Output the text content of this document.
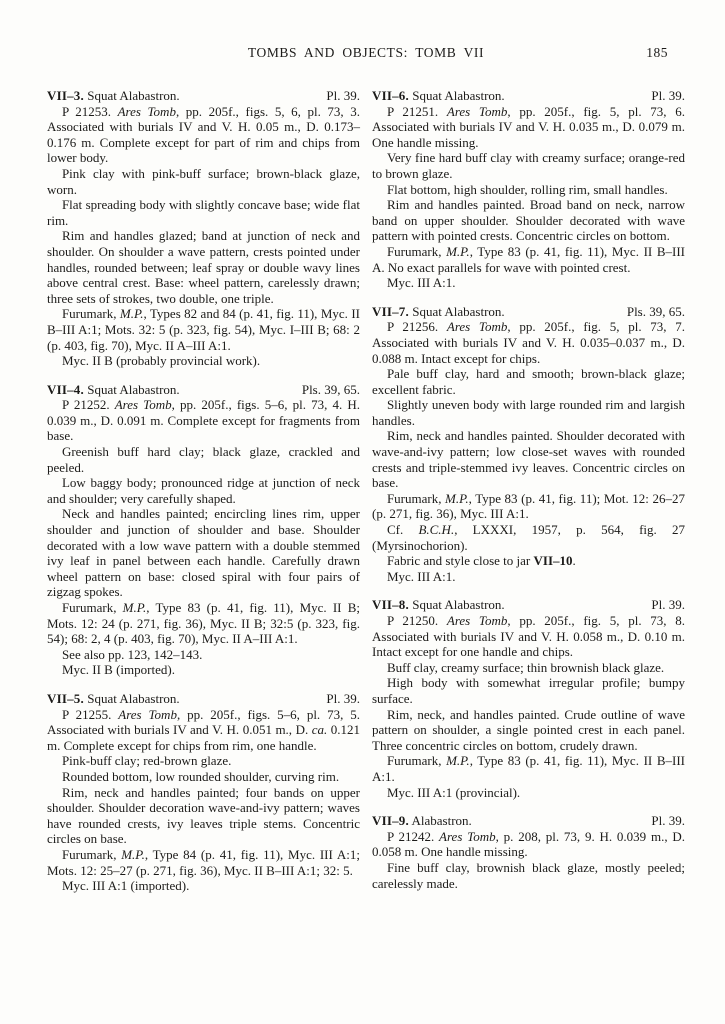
TOMBS AND OBJECTS: TOMB VII	185
VII–3. Squat Alabastron.	Pl. 39.

P 21253. Ares Tomb, pp. 205f., figs. 5, 6, pl. 73, 3. Associated with burials IV and V. H. 0.05 m., D. 0.173–0.176 m. Complete except for part of rim and chips from lower body.

Pink clay with pink-buff surface; brown-black glaze, worn.

Flat spreading body with slightly concave base; wide flat rim.

Rim and handles glazed; band at junction of neck and shoulder. On shoulder a wave pattern, crests pointed under handles, rounded between; leaf spray or double wavy lines above central crest. Base: wheel pattern, carelessly drawn; three sets of strokes, two double, one triple.

Furumark, M.P., Types 82 and 84 (p. 41, fig. 11), Myc. II B–III A:1; Mots. 32: 5 (p. 323, fig. 54), Myc. I–III B; 68: 2 (p. 403, fig. 70), Myc. II A–III A:1.

Myc. II B (probably provincial work).

VII–4. Squat Alabastron.	Pls. 39, 65.

P 21252. Ares Tomb, pp. 205f., figs. 5–6, pl. 73, 4. H. 0.039 m., D. 0.091 m. Complete except for fragments from base.

Greenish buff hard clay; black glaze, crackled and peeled.

Low baggy body; pronounced ridge at junction of neck and shoulder; very carefully shaped.

Neck and handles painted; encircling lines rim, upper shoulder and junction of shoulder and base. Shoulder decorated with a low wave pattern with a double stemmed ivy leaf in panel between each handle. Carefully drawn wheel pattern on base: closed spiral with four pairs of zigzag spokes.

Furumark, M.P., Type 83 (p. 41, fig. 11), Myc. II B; Mots. 12: 24 (p. 271, fig. 36), Myc. II B; 32:5 (p. 323, fig. 54); 68: 2, 4 (p. 403, fig. 70), Myc. II A–III A:1.

See also pp. 123, 142–143.

Myc. II B (imported).

VII–5. Squat Alabastron.	Pl. 39.

P 21255. Ares Tomb, pp. 205f., figs. 5–6, pl. 73, 5. Associated with burials IV and V. H. 0.051 m., D. ca. 0.121 m. Complete except for chips from rim, one handle.

Pink-buff clay; red-brown glaze.

Rounded bottom, low rounded shoulder, curving rim.

Rim, neck and handles painted; four bands on upper shoulder. Shoulder decoration wave-and-ivy pattern; waves have rounded crests, ivy leaves triple stems. Concentric circles on base.

Furumark, M.P., Type 84 (p. 41, fig. 11), Myc. III A:1; Mots. 12: 25–27 (p. 271, fig. 36), Myc. II B–III A:1; 32: 5.

Myc. III A:1 (imported).

VII–6. Squat Alabastron.	Pl. 39.

P 21251. Ares Tomb, pp. 205f., fig. 5, pl. 73, 6. Associated with burials IV and V. H. 0.035 m., D. 0.079 m. One handle missing.

Very fine hard buff clay with creamy surface; orange-red to brown glaze.

Flat bottom, high shoulder, rolling rim, small handles.

Rim and handles painted. Broad band on neck, narrow band on upper shoulder. Shoulder decorated with wave pattern with pointed crests. Concentric circles on bottom.

Furumark, M.P., Type 83 (p. 41, fig. 11), Myc. II B–III A. No exact parallels for wave with pointed crest.

Myc. III A:1.

VII–7. Squat Alabastron.	Pls. 39, 65.

P 21256. Ares Tomb, pp. 205f., fig. 5, pl. 73, 7. Associated with burials IV and V. H. 0.035–0.037 m., D. 0.088 m. Intact except for chips.

Pale buff clay, hard and smooth; brown-black glaze; excellent fabric.

Slightly uneven body with large rounded rim and largish handles.

Rim, neck and handles painted. Shoulder decorated with wave-and-ivy pattern; low close-set waves with rounded crests and triple-stemmed ivy leaves. Concentric circles on base.

Furumark, M.P., Type 83 (p. 41, fig. 11); Mot. 12: 26–27 (p. 271, fig. 36), Myc. III A:1.

Cf. B.C.H., LXXXI, 1957, p. 564, fig. 27 (Myrsinochorion).

Fabric and style close to jar VII–10.

Myc. III A:1.

VII–8. Squat Alabastron.	Pl. 39.

P 21250. Ares Tomb, pp. 205f., fig. 5, pl. 73, 8. Associated with burials IV and V. H. 0.058 m., D. 0.10 m. Intact except for one handle and chips.

Buff clay, creamy surface; thin brownish black glaze.

High body with somewhat irregular profile; bumpy surface.

Rim, neck, and handles painted. Crude outline of wave pattern on shoulder, a single pointed crest in each panel. Three concentric circles on bottom, crudely drawn.

Furumark, M.P., Type 83 (p. 41, fig. 11), Myc. II B–III A:1.

Myc. III A:1 (provincial).

VII–9. Alabastron.	Pl. 39.

P 21242. Ares Tomb, p. 208, pl. 73, 9. H. 0.039 m., D. 0.058 m. One handle missing.

Fine buff clay, brownish black glaze, mostly peeled; carelessly made.
